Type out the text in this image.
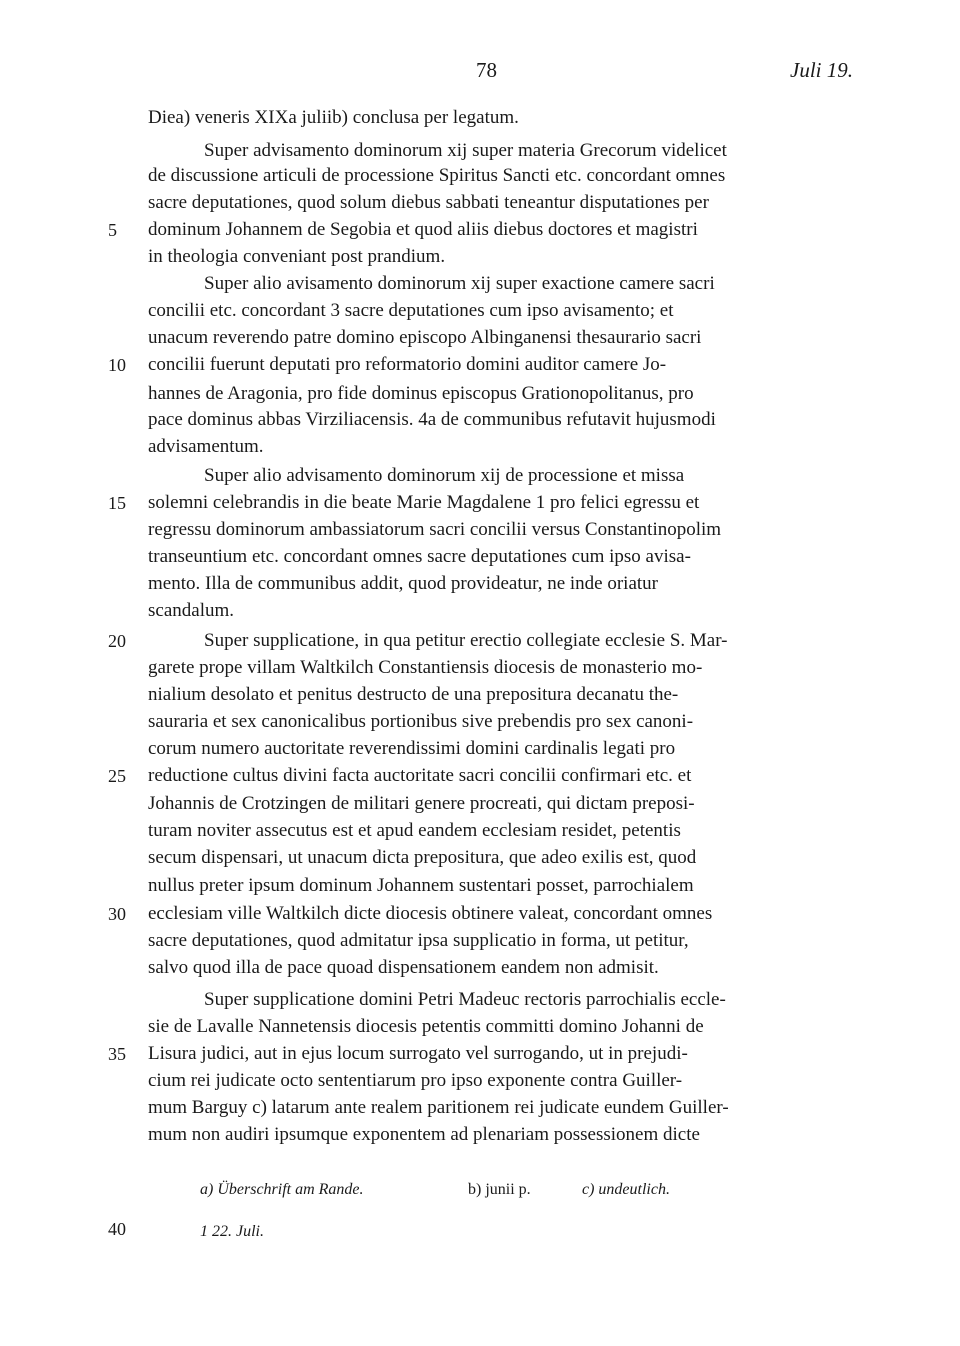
78	Juli 19.
Diea) veneris XIXa juliib) conclusa per legatum.
Super advisamento dominorum xij super materia Grecorum videlicet
de discussione articuli de processione Spiritus Sancti etc. concordant omnes
sacre deputationes, quod solum diebus sabbati teneantur disputationes per
dominum Johannem de Segobia et quod aliis diebus doctores et magistri
in theologia conveniant post prandium.
Super alio avisamento dominorum xij super exactione camere sacri
concilii etc. concordant 3 sacre deputationes cum ipso avisamento; et
unacum reverendo patre domino episcopo Albinganensi thesaurario sacri
concilii fuerunt deputati pro reformatorio domini auditor camere Jo-
hannes de Aragonia, pro fide dominus episcopus Grationopolitanus, pro
pace dominus abbas Virziliacensis. 4a de communibus refutavit hujusmodi
advisamentum.
Super alio advisamento dominorum xij de processione et missa
solemni celebrandis in die beate Marie Magdalene 1 pro felici egressu et
regressu dominorum ambassiatorum sacri concilii versus Constantinopolim
transeuntium etc. concordant omnes sacre deputationes cum ipso avisa-
mento. Illa de communibus addit, quod provideatur, ne inde oriatur
scandalum.
Super supplicatione, in qua petitur erectio collegiate ecclesie S. Mar-
garete prope villam Waltkilch Constantiensis diocesis de monasterio mo-
nialium desolato et penitus destructo de una prepositura decanatu the-
sauraria et sex canonicalibus portionibus sive prebendis pro sex canoni-
corum numero auctoritate reverendissimi domini cardinalis legati pro
reductione cultus divini facta auctoritate sacri concilii confirmari etc. et
Johannis de Crotzingen de militari genere procreati, qui dictam preposi-
turam noviter assecutus est et apud eandem ecclesiam residet, petentis
secum dispensari, ut unacum dicta prepositura, que adeo exilis est, quod
nullus preter ipsum dominum Johannem sustentari posset, parrochialem
ecclesiam ville Waltkilch dicte diocesis obtinere valeat, concordant omnes
sacre deputationes, quod admitatur ipsa supplicatio in forma, ut petitur,
salvo quod illa de pace quoad dispensationem eandem non admisit.
Super supplicatione domini Petri Madeuc rectoris parrochialis eccle-
sie de Lavalle Nannetensis diocesis petentis committi domino Johanni de
Lisura judici, aut in ejus locum surrogato vel surrogando, ut in prejudi-
cium rei judicate octo sententiarum pro ipso exponente contra Guiller-
mum Barguy c) latarum ante realem paritionem rei judicate eundem Guiller-
mum non audiri ipsumque exponentem ad plenariam possessionem dicte
5
10
15
20
25
30
35
40
a) Überschrift am Rande.	b) junii p.	c) undeutlich.
1 22. Juli.
